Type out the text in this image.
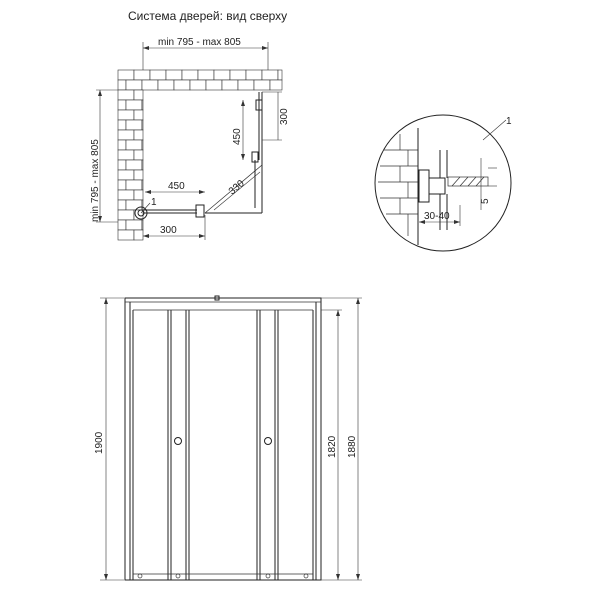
Система дверей: вид сверху
min 795 - max 805
min 795 - max 805
450
300
450	330
300
1	5
30-40
1
1900	1820 1880
